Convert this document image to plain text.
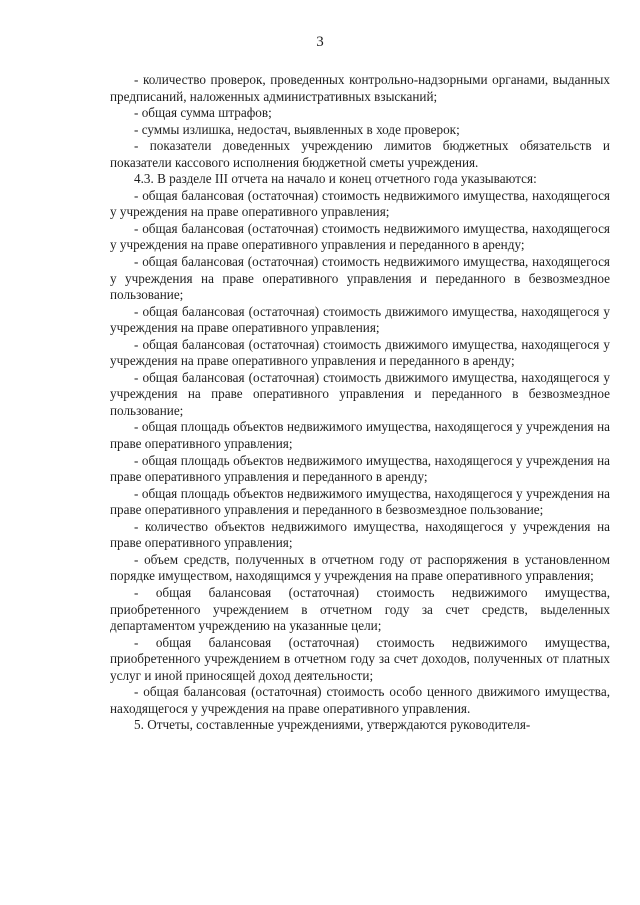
3

- количество проверок, проведенных контрольно-надзорными органами, выданных предписаний, наложенных административных взысканий;

- общая сумма штрафов;

- суммы излишка, недостач, выявленных в ходе проверок;

- показатели доведенных учреждению лимитов бюджетных обязательств и показатели кассового исполнения бюджетной сметы учреждения.

4.3. В разделе III отчета на начало и конец отчетного года указываются:

- общая балансовая (остаточная) стоимость недвижимого имущества, находящегося у учреждения на праве оперативного управления;

- общая балансовая (остаточная) стоимость недвижимого имущества, находящегося у учреждения на праве оперативного управления и переданного в аренду;

- общая балансовая (остаточная) стоимость недвижимого имущества, находящегося у учреждения на праве оперативного управления и переданного в безвозмездное пользование;

- общая балансовая (остаточная) стоимость движимого имущества, находящегося у учреждения на праве оперативного управления;

- общая балансовая (остаточная) стоимость движимого имущества, находящегося у учреждения на праве оперативного управления и переданного в аренду;

- общая балансовая (остаточная) стоимость движимого имущества, находящегося у учреждения на праве оперативного управления и переданного в безвозмездное пользование;

- общая площадь объектов недвижимого имущества, находящегося у учреждения на праве оперативного управления;

- общая площадь объектов недвижимого имущества, находящегося у учреждения на праве оперативного управления и переданного в аренду;

- общая площадь объектов недвижимого имущества, находящегося у учреждения на праве оперативного управления и переданного в безвозмездное пользование;

- количество объектов недвижимого имущества, находящегося у учреждения на праве оперативного управления;

- объем средств, полученных в отчетном году от распоряжения в установленном порядке имуществом, находящимся у учреждения на праве оперативного управления;

- общая балансовая (остаточная) стоимость недвижимого имущества, приобретенного учреждением в отчетном году за счет средств, выделенных департаментом учреждению на указанные цели;

- общая балансовая (остаточная) стоимость недвижимого имущества, приобретенного учреждением в отчетном году за счет доходов, полученных от платных услуг и иной приносящей доход деятельности;

- общая балансовая (остаточная) стоимость особо ценного движимого имущества, находящегося у учреждения на праве оперативного управления.

5. Отчеты, составленные учреждениями, утверждаются руководителя-
